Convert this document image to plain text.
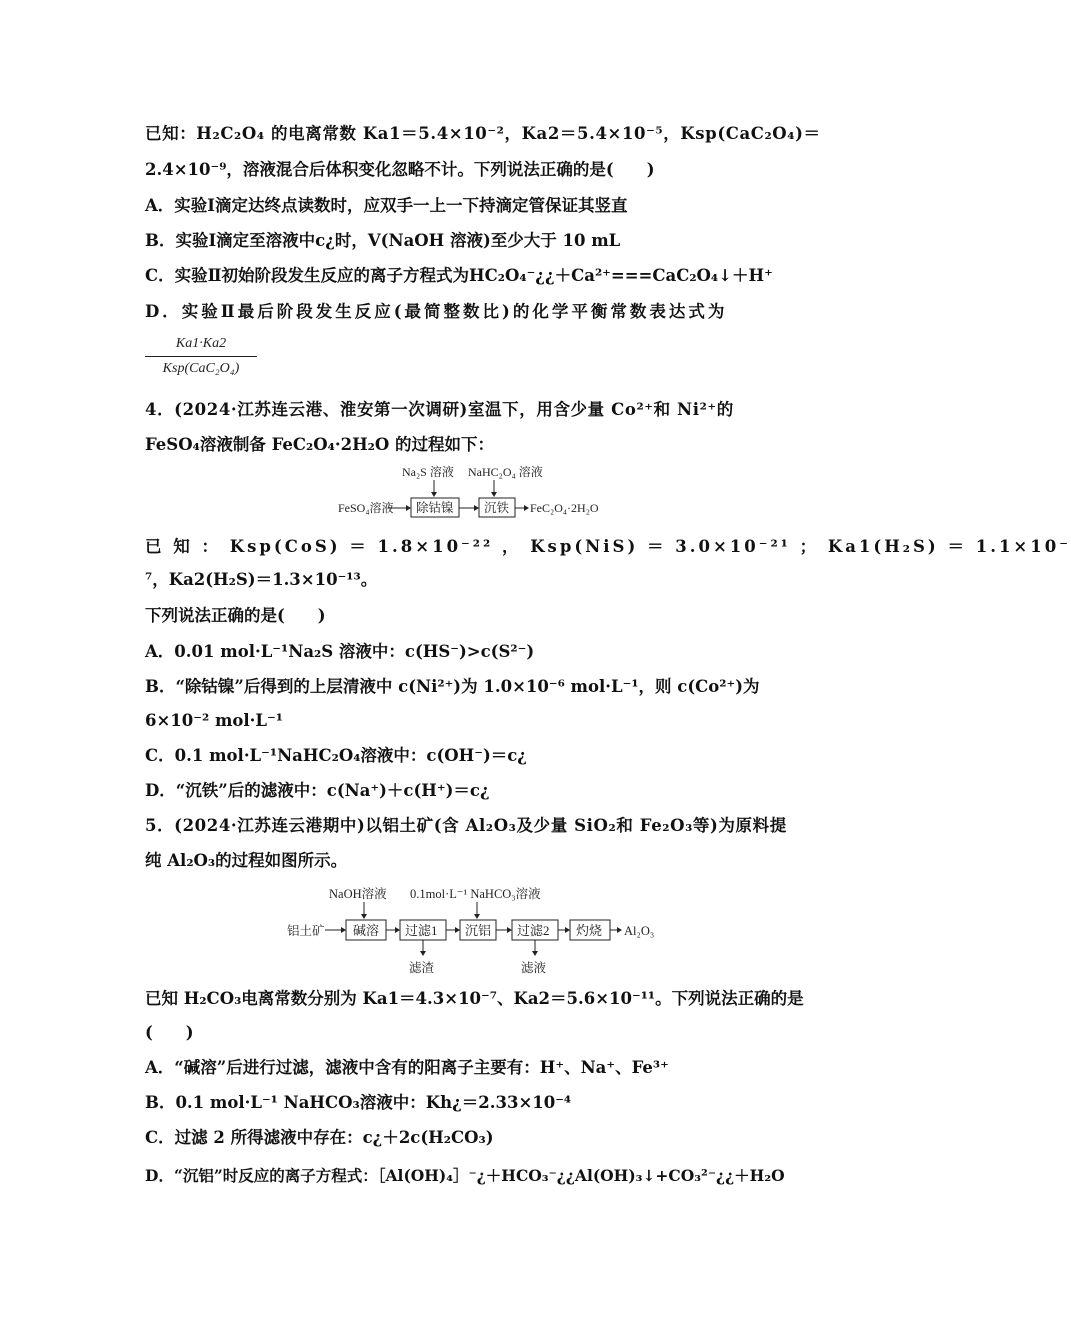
已知：H₂C₂O₄ 的电离常数 Ka1＝5.4×10⁻²，Ka2＝5.4×10⁻⁵，Ksp(CaC₂O₄)＝
2.4×10⁻⁹，溶液混合后体积变化忽略不计。下列说法正确的是(　　)
A．实验Ⅰ滴定达终点读数时，应双手一上一下持滴定管保证其竖直
B．实验Ⅰ滴定至溶液中c¿时，V(NaOH 溶液)至少大于 10 mL
C．实验Ⅱ初始阶段发生反应的离子方程式为HC₂O₄⁻¿¿＋Ca²⁺===CaC₂O₄↓＋H⁺
D．实验Ⅱ最后阶段发生反应(最简整数比)的化学平衡常数表达式为
Ka1·Ka2
Ksp(CaC₂O₄)
4．(2024·江苏连云港、淮安第一次调研)室温下，用含少量 Co²⁺和 Ni²⁺的
FeSO₄溶液制备 FeC₂O₄·2H₂O 的过程如下：
Na₂S 溶液 NaHC₂O₄ 溶液
FeSO₄溶液 除钴镍 沉铁 FeC₂O₄·2H₂O
已 知 ： Ksp(CoS) ＝ 1.8×10⁻²² ， Ksp(NiS) ＝ 3.0×10⁻²¹ ； Ka1(H₂S) ＝ 1.1×10⁻
⁷，Ka2(H₂S)＝1.3×10⁻¹³。
下列说法正确的是(　　)
A．0.01 mol·L⁻¹Na₂S 溶液中：c(HS⁻)>c(S²⁻)
B．“除钴镍”后得到的上层清液中 c(Ni²⁺)为 1.0×10⁻⁶ mol·L⁻¹，则 c(Co²⁺)为
6×10⁻² mol·L⁻¹
C．0.1 mol·L⁻¹NaHC₂O₄溶液中：c(OH⁻)＝c¿
D．“沉铁”后的滤液中：c(Na⁺)＋c(H⁺)＝c¿
5．(2024·江苏连云港期中)以铝土矿(含 Al₂O₃及少量 SiO₂和 Fe₂O₃等)为原料提
纯 Al₂O₃的过程如图所示。
NaOH溶液 0.1mol·L⁻¹ NaHCO₃溶液
铝土矿 碱溶 过滤1 沉铝 过滤2 灼烧 Al₂O₃
滤渣	滤液
已知 H₂CO₃电离常数分别为 Ka1＝4.3×10⁻⁷、Ka2＝5.6×10⁻¹¹。下列说法正确的是
(　　)
A．“碱溶”后进行过滤，滤液中含有的阳离子主要有：H⁺、Na⁺、Fe³⁺
B．0.1 mol·L⁻¹ NaHCO₃溶液中：Kh¿＝2.33×10⁻⁴
C．过滤 2 所得滤液中存在：c¿＋2c(H₂CO₃)
D．“沉铝”时反应的离子方程式：［Al(OH)₄］⁻¿＋HCO₃⁻¿¿Al(OH)₃↓+CO₃²⁻¿¿＋H₂O
